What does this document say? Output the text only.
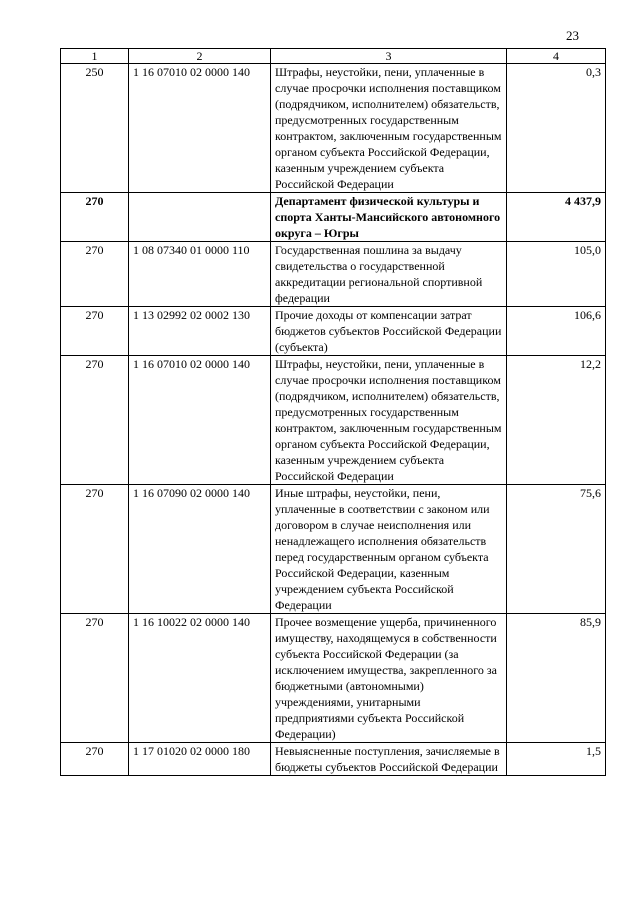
23
1	2	3	4
250	1 16 07010 02 0000 140	Штрафы, неустойки, пени, уплаченные в случае просрочки исполнения поставщиком (подрядчиком, исполнителем) обязательств, предусмотренных государственным контрактом, заключенным государственным органом субъекта Российской Федерации, казенным учреждением субъекта Российской Федерации	0,3
270		Департамент физической культуры и спорта Ханты-Мансийского автономного округа – Югры	4 437,9
270	1 08 07340 01 0000 110	Государственная пошлина за выдачу свидетельства о государственной аккредитации региональной спортивной федерации	105,0
270	1 13 02992 02 0002 130	Прочие доходы от компенсации затрат бюджетов субъектов Российской Федерации (субъекта)	106,6
270	1 16 07010 02 0000 140	Штрафы, неустойки, пени, уплаченные в случае просрочки исполнения поставщиком (подрядчиком, исполнителем) обязательств, предусмотренных государственным контрактом, заключенным государственным органом субъекта Российской Федерации, казенным учреждением субъекта Российской Федерации	12,2
270	1 16 07090 02 0000 140	Иные штрафы, неустойки, пени, уплаченные в соответствии с законом или договором в случае неисполнения или ненадлежащего исполнения обязательств перед государственным органом субъекта Российской Федерации, казенным учреждением субъекта Российской Федерации	75,6
270	1 16 10022 02 0000 140	Прочее возмещение ущерба, причиненного имуществу, находящемуся в собственности субъекта Российской Федерации (за исключением имущества, закрепленного за бюджетными (автономными) учреждениями, унитарными предприятиями субъекта Российской Федерации)	85,9
270	1 17 01020 02 0000 180	Невыясненные поступления, зачисляемые в бюджеты субъектов Российской Федерации	1,5
